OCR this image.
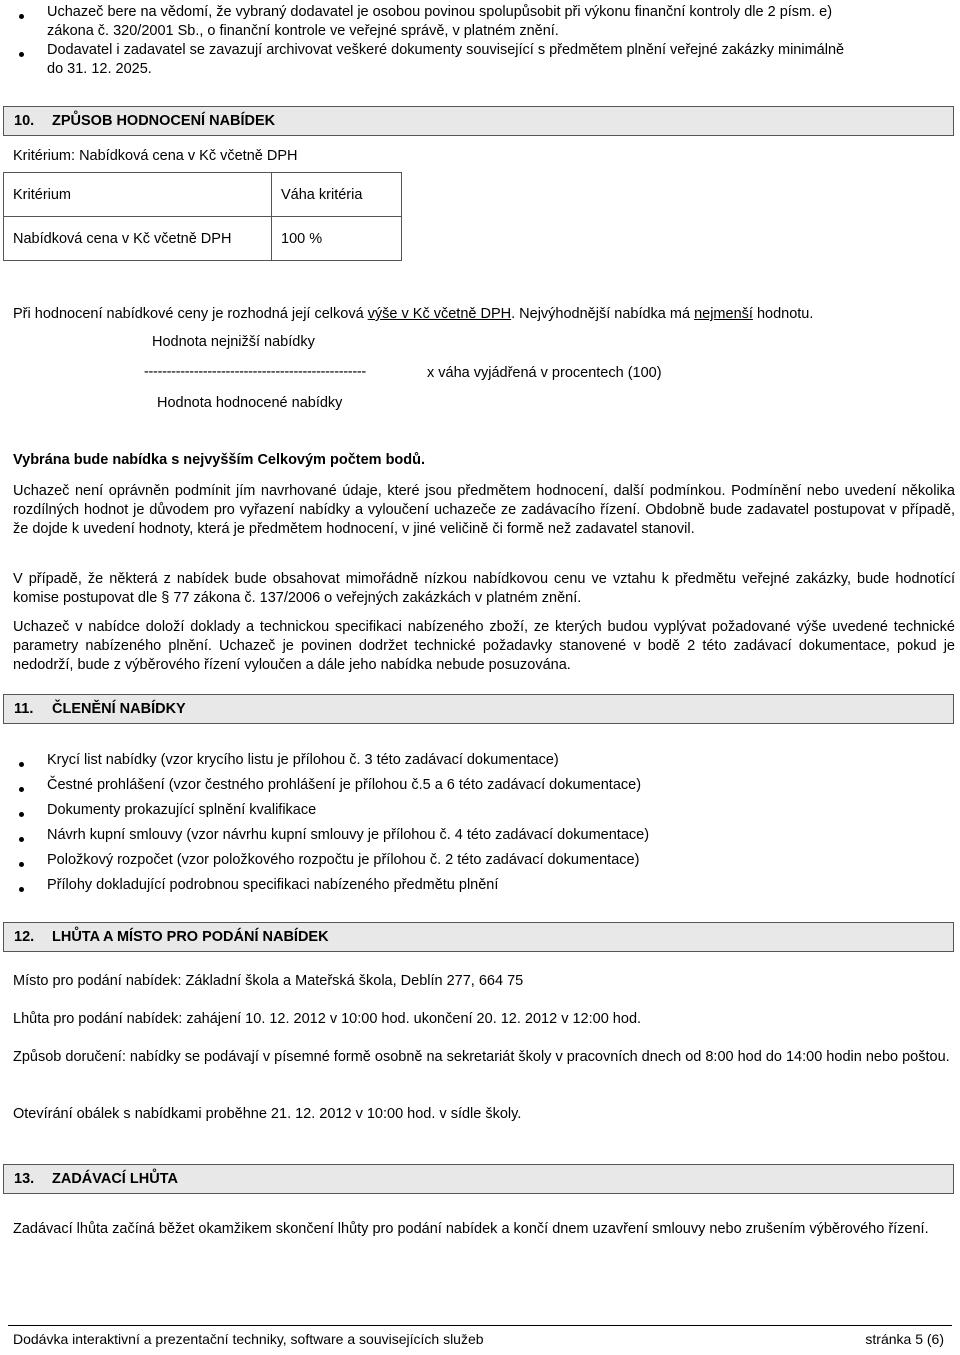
Uchazeč bere na vědomí, že vybraný dodavatel je osobou povinou spolupůsobit při výkonu finanční kontroly dle 2 písm. e)
zákona č. 320/2001 Sb., o finanční kontrole ve veřejné správě, v platném znění.
Dodavatel i zadavatel se zavazují archivovat veškeré dokumenty související s předmětem plnění veřejné zakázky minimálně
do 31. 12. 2025.
10. ZPŮSOB HODNOCENÍ NABÍDEK
Kritérium: Nabídková cena v Kč včetně DPH
Kritérium	Váha kritéria
Nabídková cena v Kč včetně DPH	100 %
Při hodnocení nabídkové ceny je rozhodná její celková výše v Kč včetně DPH. Nejvýhodnější nabídka má nejmenší hodnotu.
Hodnota nejnižší nabídky
-------------------------------------------------	x váha vyjádřená v procentech (100)
Hodnota hodnocené nabídky
Vybrána bude nabídka s nejvyšším Celkovým počtem bodů.
Uchazeč není oprávněn podmínit jím navrhované údaje, které jsou předmětem hodnocení, další podmínkou. Podmínění nebo uvedení několika rozdílných hodnot je důvodem pro vyřazení nabídky a vyloučení uchazeče ze zadávacího řízení. Obdobně bude zadavatel postupovat v případě, že dojde k uvedení hodnoty, která je předmětem hodnocení, v jiné veličině či formě než zadavatel stanovil.
V případě, že některá z nabídek bude obsahovat mimořádně nízkou nabídkovou cenu ve vztahu k předmětu veřejné zakázky, bude hodnotící komise postupovat dle § 77 zákona č. 137/2006 o veřejných zakázkách v platném znění.
Uchazeč v nabídce doloží doklady a technickou specifikaci nabízeného zboží, ze kterých budou vyplývat požadované výše uvedené technické parametry nabízeného plnění. Uchazeč je povinen dodržet technické požadavky stanovené v bodě 2 této zadávací dokumentace, pokud je nedodrží, bude z výběrového řízení vyloučen a dále jeho nabídka nebude posuzována.
11. ČLENĚNÍ NABÍDKY
Krycí list nabídky (vzor krycího listu je přílohou č. 3 této zadávací dokumentace)
Čestné prohlášení (vzor čestného prohlášení je přílohou č.5 a 6 této zadávací dokumentace)
Dokumenty prokazující splnění kvalifikace
Návrh kupní smlouvy (vzor návrhu kupní smlouvy je přílohou č. 4 této zadávací dokumentace)
Položkový rozpočet (vzor položkového rozpočtu je přílohou č. 2 této zadávací dokumentace)
Přílohy dokladující podrobnou specifikaci nabízeného předmětu plnění
12. LHŮTA A MÍSTO PRO PODÁNÍ NABÍDEK
Místo pro podání nabídek: Základní škola a Mateřská škola, Deblín 277, 664 75
Lhůta pro podání nabídek: zahájení 10. 12. 2012 v 10:00 hod. ukončení 20. 12. 2012 v 12:00 hod.
Způsob doručení: nabídky se podávají v písemné formě osobně na sekretariát školy v pracovních dnech od 8:00 hod do 14:00 hodin nebo poštou.
Otevírání obálek s nabídkami proběhne 21. 12. 2012 v 10:00 hod. v sídle školy.
13. ZADÁVACÍ LHŮTA
Zadávací lhůta začíná běžet okamžikem skončení lhůty pro podání nabídek a končí dnem uzavření smlouvy nebo zrušením výběrového řízení.
Dodávka interaktivní a prezentační techniky, software a souvisejících služeb	stránka 5 (6)
